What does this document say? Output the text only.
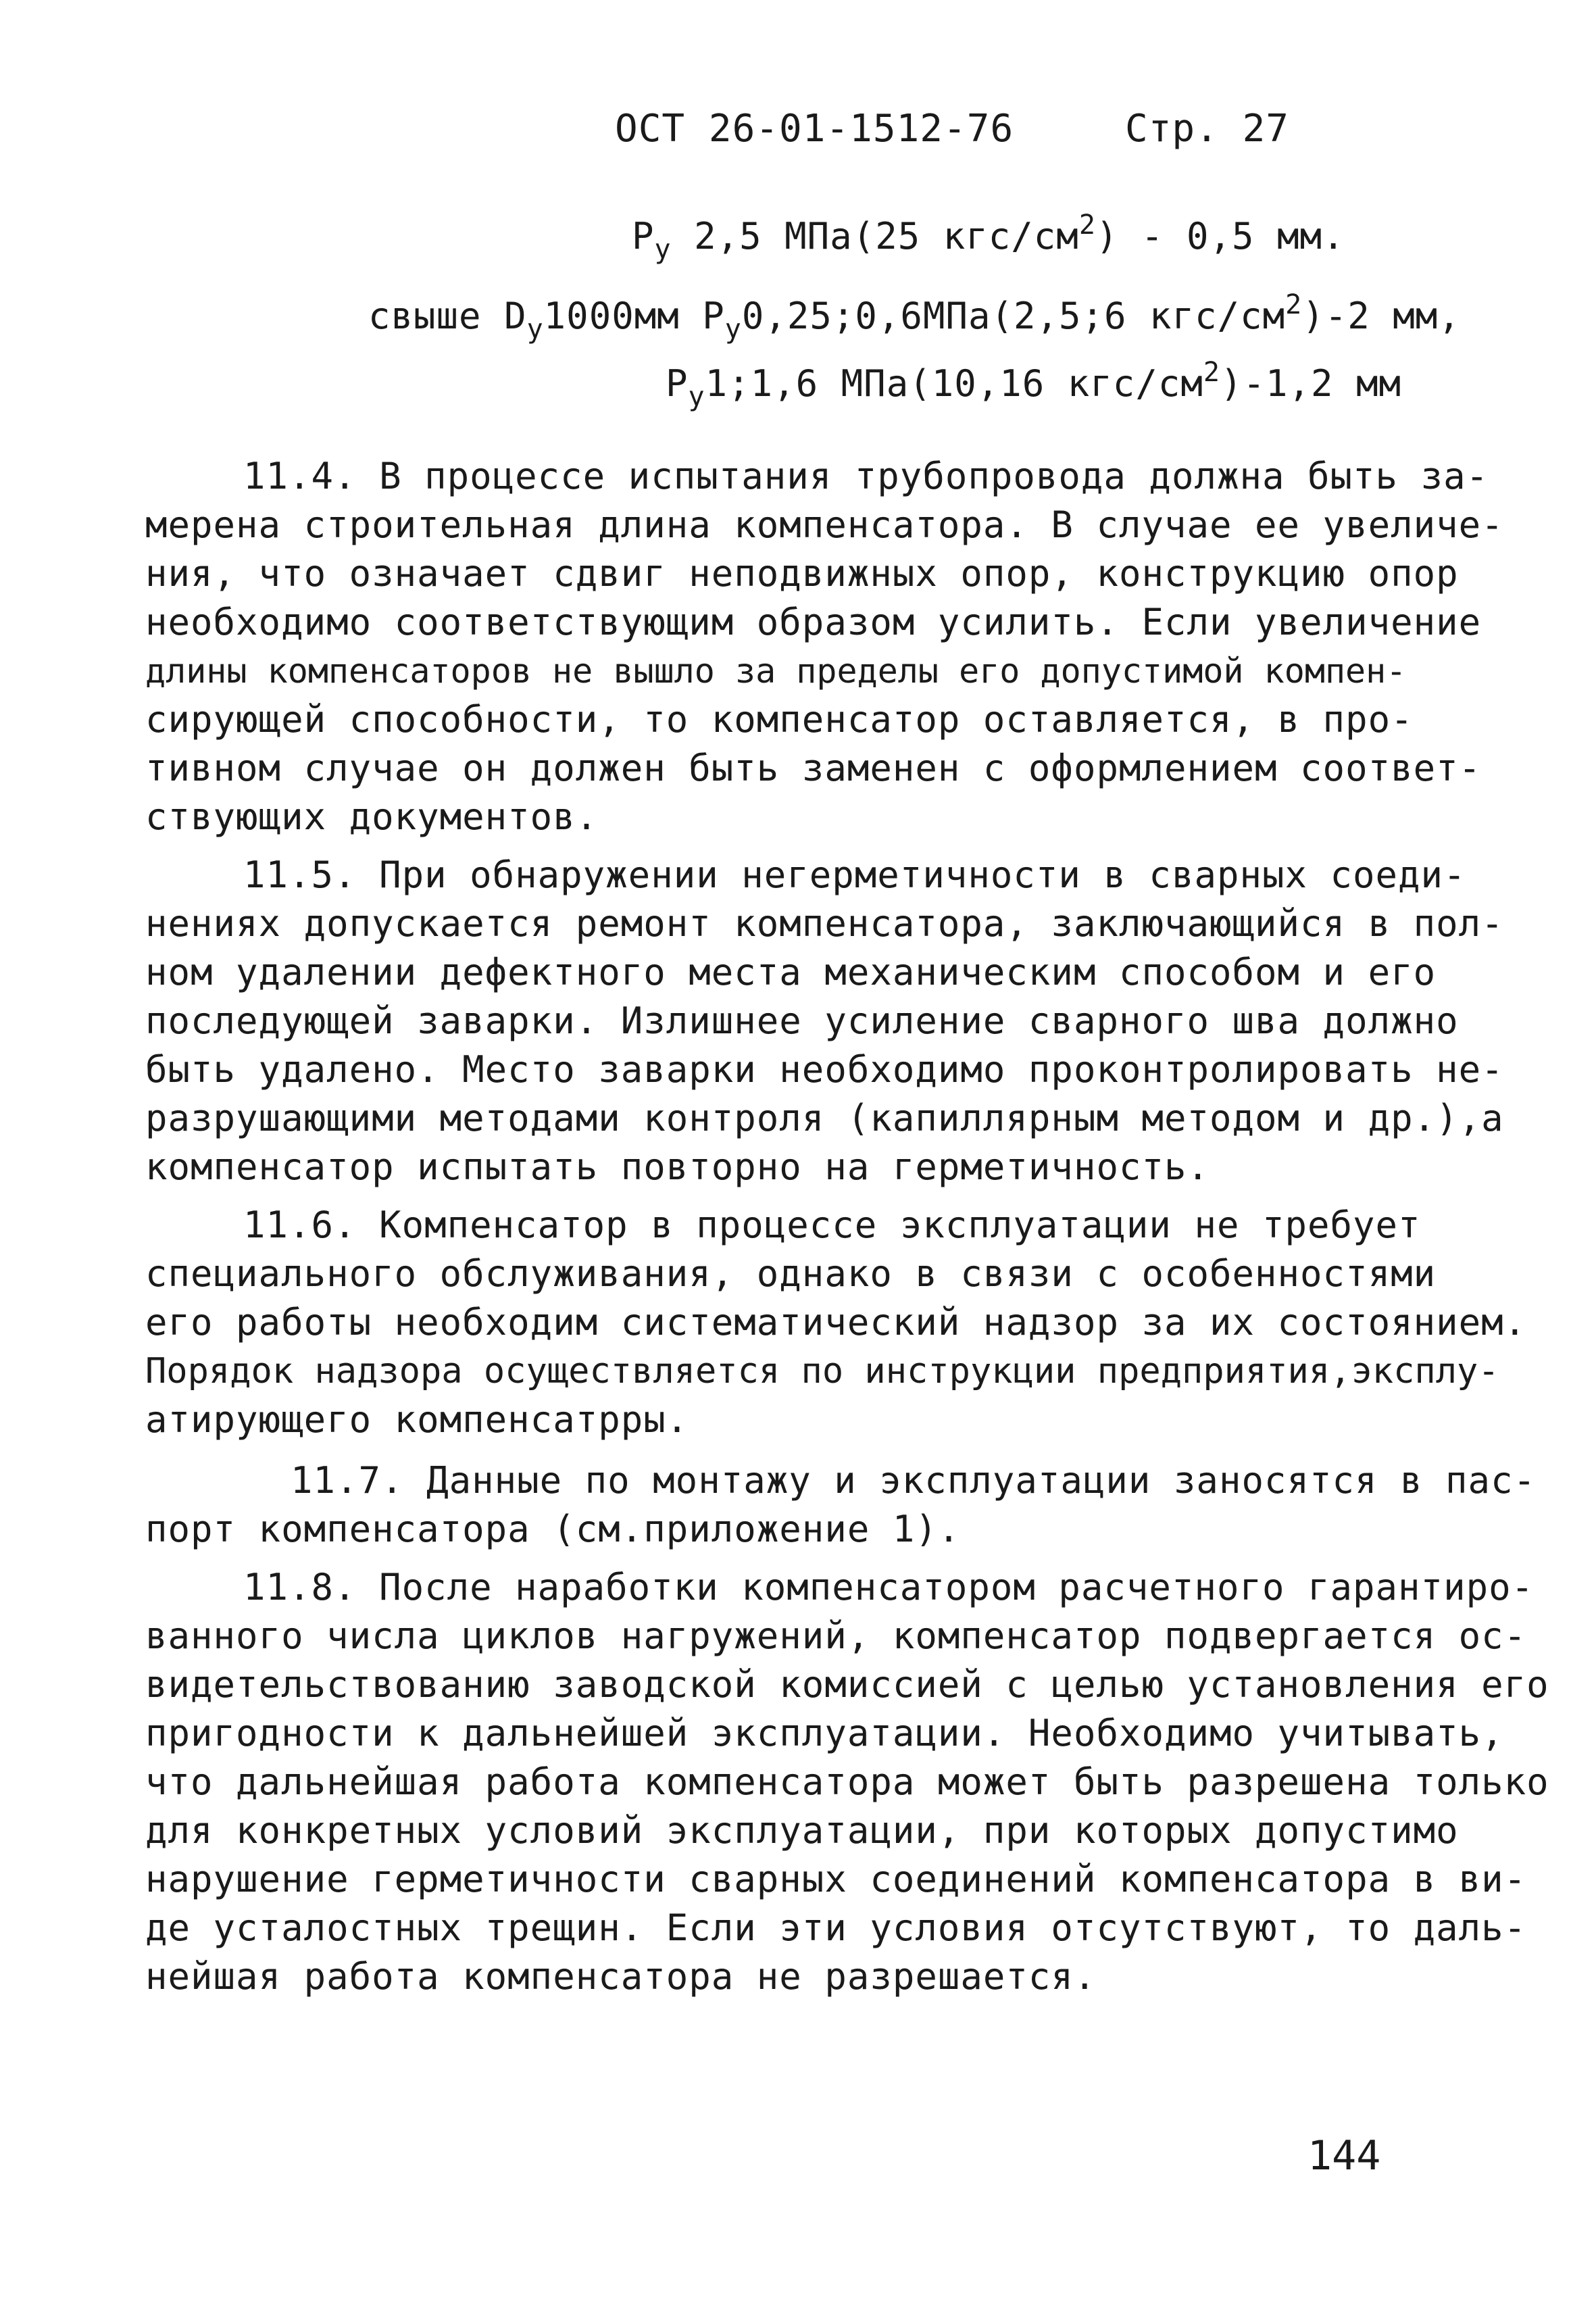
ОСТ 26-01-1512-76	Стр. 27
$P_y$ 2,5 МПа(25 кгс/$см^2) - 0,5$ мм.
свыше $D_y1000мм$ $P_y0,25;0,6МПа(2,5;6$ кгс/$см^2)-2$ мм,
$P_y1;1,6$ МПа(10,16 кгс/$см^2)-1,2$ мм
11.4. В процессе испытания трубопровода должна быть за-
мерена строительная длина компенсатора. В случае ее увеличе-
ния, что означает сдвиг неподвижных опор, конструкцию опор
необходимо соответствующим образом усилить. Если увеличение
длины компенсаторов не вышло за пределы его допустимой компен-
сирующей способности, то компенсатор оставляется, в про-
тивном случае он должен быть заменен с оформлением соответ-
ствующих документов.
11.5. При обнаружении негерметичности в сварных соеди-
нениях допускается ремонт компенсатора, заключающийся в пол-
ном удалении дефектного места механическим способом и его
последующей заварки. Излишнее усиление сварного шва должно
быть удалено. Место заварки необходимо проконтролировать не-
разрушающими методами контроля (капиллярным методом и др.),а
компенсатор испытать повторно на герметичность.
11.6. Компенсатор в процессе эксплуатации не требует
специального обслуживания, однако в связи с особенностями
его работы необходим систематический надзор за их состоянием.
Порядок надзора осуществляется по инструкции предприятия,эксплу-
атирующего компенсатрры.
11.7. Данные по монтажу и эксплуатации заносятся в пас-
порт компенсатора (см.приложение 1).
11.8. После наработки компенсатором расчетного гарантиро-
ванного числа циклов нагружений, компенсатор подвергается ос-
видетельствованию заводской комиссией с целью установления его
пригодности к дальнейшей эксплуатации. Необходимо учитывать,
что дальнейшая работа компенсатора может быть разрешена только
для конкретных условий эксплуатации, при которых допустимо
нарушение герметичности сварных соединений компенсатора в ви-
де усталостных трещин. Если эти условия отсутствуют, то даль-
нейшая работа компенсатора не разрешается.
144
